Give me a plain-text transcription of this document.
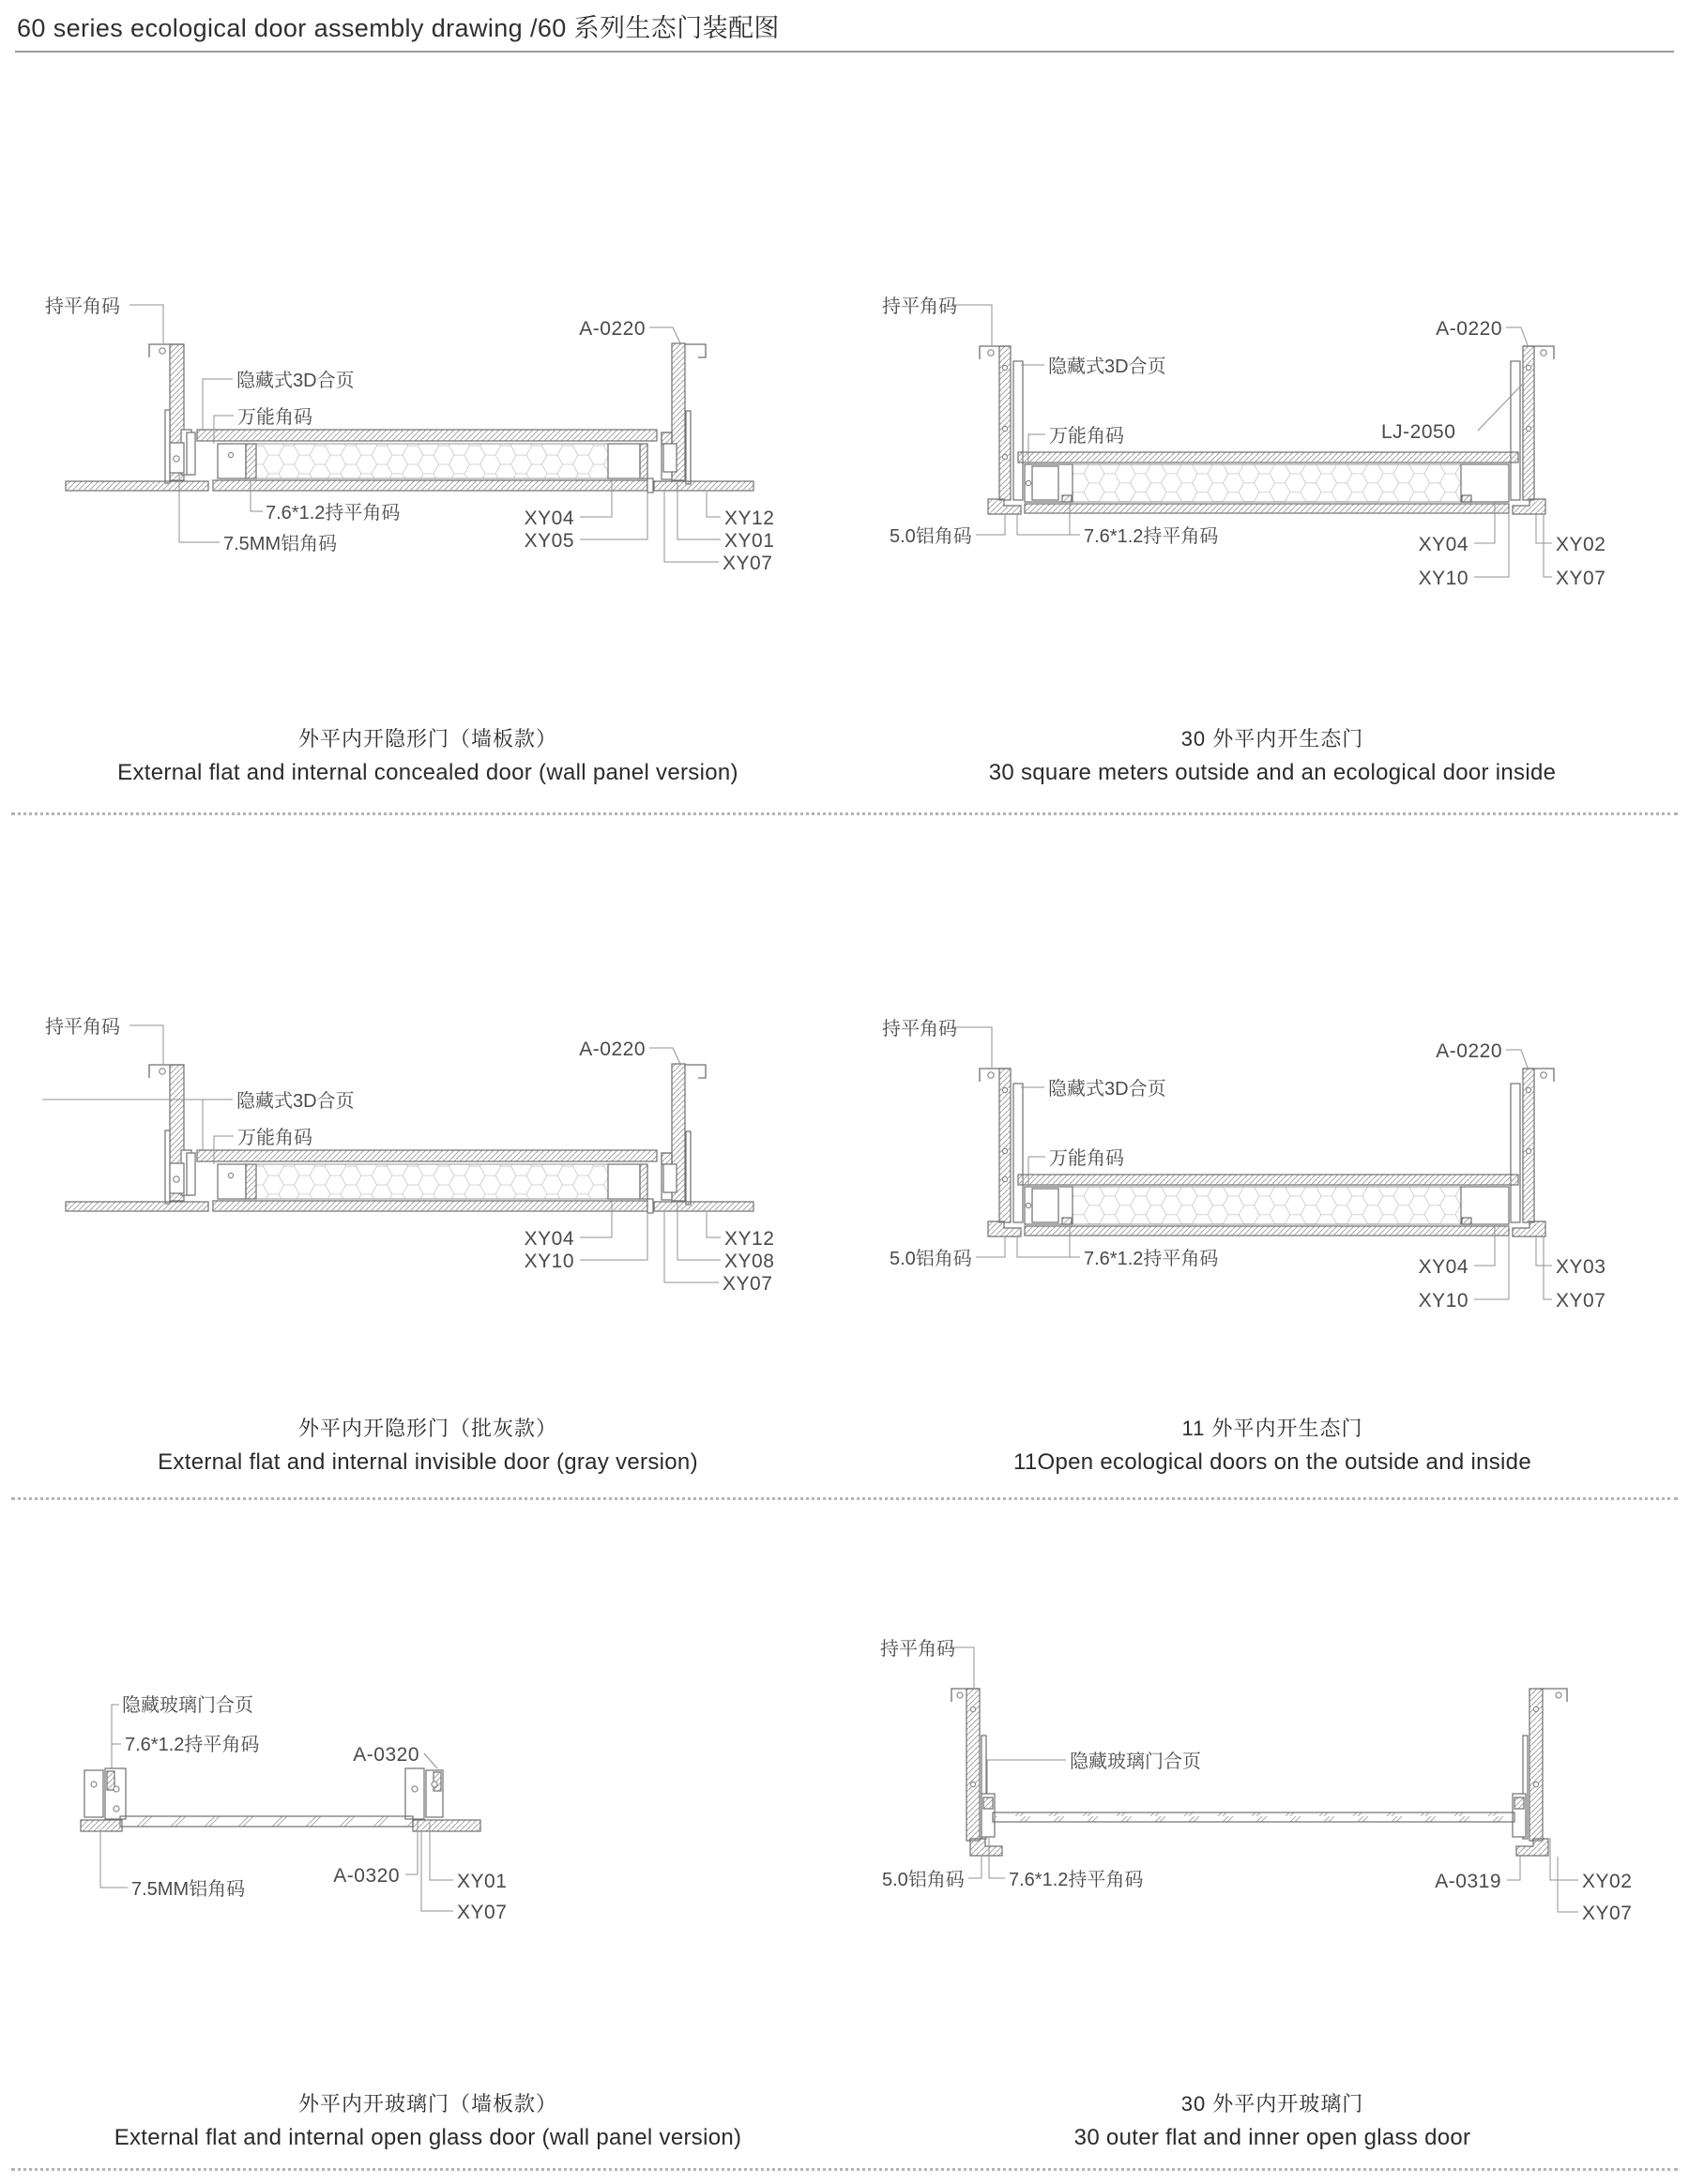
60 series ecological door assembly drawing /60 系列生态门装配图
持平角码
A-0220
隐藏式3D合页
万能角码
7.6*1.2持平角码
7.5MM铝角码
XY04
XY05
XY12
XY01
XY07
持平角码
A-0220
隐藏式3D合页
LJ-2050
万能角码
5.0铝角码	7.6*1.2持平角码	XY04
XY10
XY02
XY07
持平角码
A-0220
隐藏式3D合页
万能角码
XY04
XY10
XY12
XY08
XY07
持平角码
A-0220
隐藏式3D合页
万能角码
5.0铝角码	7.6*1.2持平角码	XY04
XY10
XY03
XY07
隐藏玻璃门合页
7.6*1.2持平角码	A-0320
A-0320
7.5MM铝角码	XY01
XY07
持平角码
隐藏玻璃门合页
5.0铝角码 7.6*1.2持平角码	A-0319	XY02
XY07
外平内开隐形门（墙板款）
External flat and internal concealed door (wall panel version)
30 外平内开生态门
30 square meters outside and an ecological door inside
外平内开隐形门（批灰款）
External flat and internal invisible door (gray version)
11 外平内开生态门
11Open ecological doors on the outside and inside
外平内开玻璃门（墙板款）
External flat and internal open glass door (wall panel version)
30 外平内开玻璃门
30 outer flat and inner open glass door
